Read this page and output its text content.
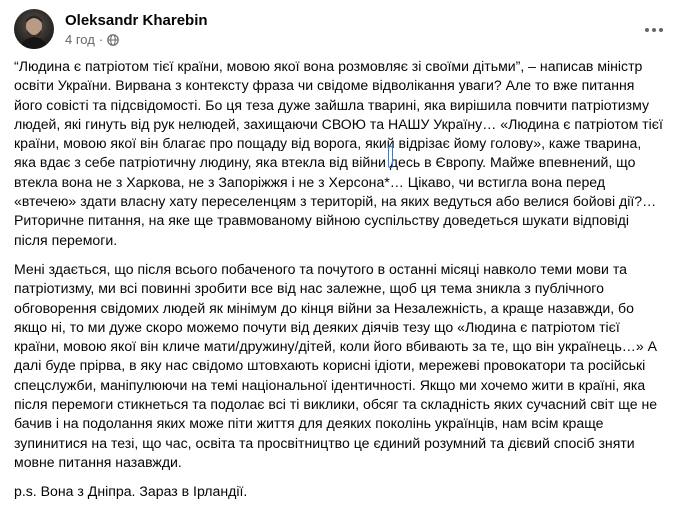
Oleksandr Kharebin
4 год ·

“Людина є патріотом тієї країни, мовою якої вона розмовляє зі своїми дітьми”, – написав міністр освіти України. Вирвана з контексту фраза чи свідоме відволікання уваги? Але то вже питання його совісті та підсвідомості. Бо ця теза дуже зайшла тварині, яка вирішила повчити патріотизму людей, які гинуть від рук нелюдей, захищаючи СВОЮ та НАШУ Україну… «Людина є патріотом тієї країни, мовою якої він благає про пощаду від ворога, який відрізає йому голову», каже тварина, яка вдає з себе патріотичну людину, яка втекла від війни десь в Європу. Майже впевнений, що втекла вона не з Харкова, не з Запоріжжя і не з Херсона*… Цікаво, чи встигла вона перед «втечею» здати власну хату переселенцям з територій, на яких ведуться або велися бойові дії?… Риторичне питання, на яке ще травмованому війною суспільству доведеться шукати відповіді після перемоги.

Мені здається, що після всього побаченого та почутого в останні місяці навколо теми мови та патріотизму, ми всі повинні зробити все від нас залежне, щоб ця тема зникла з публічного обговорення свідомих людей як мінімум до кінця війни за Незалежність, а краще назавжди, бо якщо ні, то ми дуже скоро можемо почути від деяких діячів тезу що «Людина є патріотом тієї країни, мовою якої він кличе мати/дружину/дітей, коли його вбивають за те, що він українець…» А далі буде прірва, в яку нас свідомо штовхають корисні ідіоти, мережеві провокатори та російські спецслужби, маніпулюючи на темі національної ідентичності. Якщо ми хочемо жити в країні, яка після перемоги стикнеться та подолає всі ті виклики, обсяг та складність яких сучасний світ ще не бачив і на подолання яких може піти життя для деяких поколінь українців, нам всім краще зупинитися на тезі, що час, освіта та просвітництво це єдиний розумний та дієвий спосіб зняти мовне питання назавжди.

p.s. Вона з Дніпра. Зараз в Ірландії.
